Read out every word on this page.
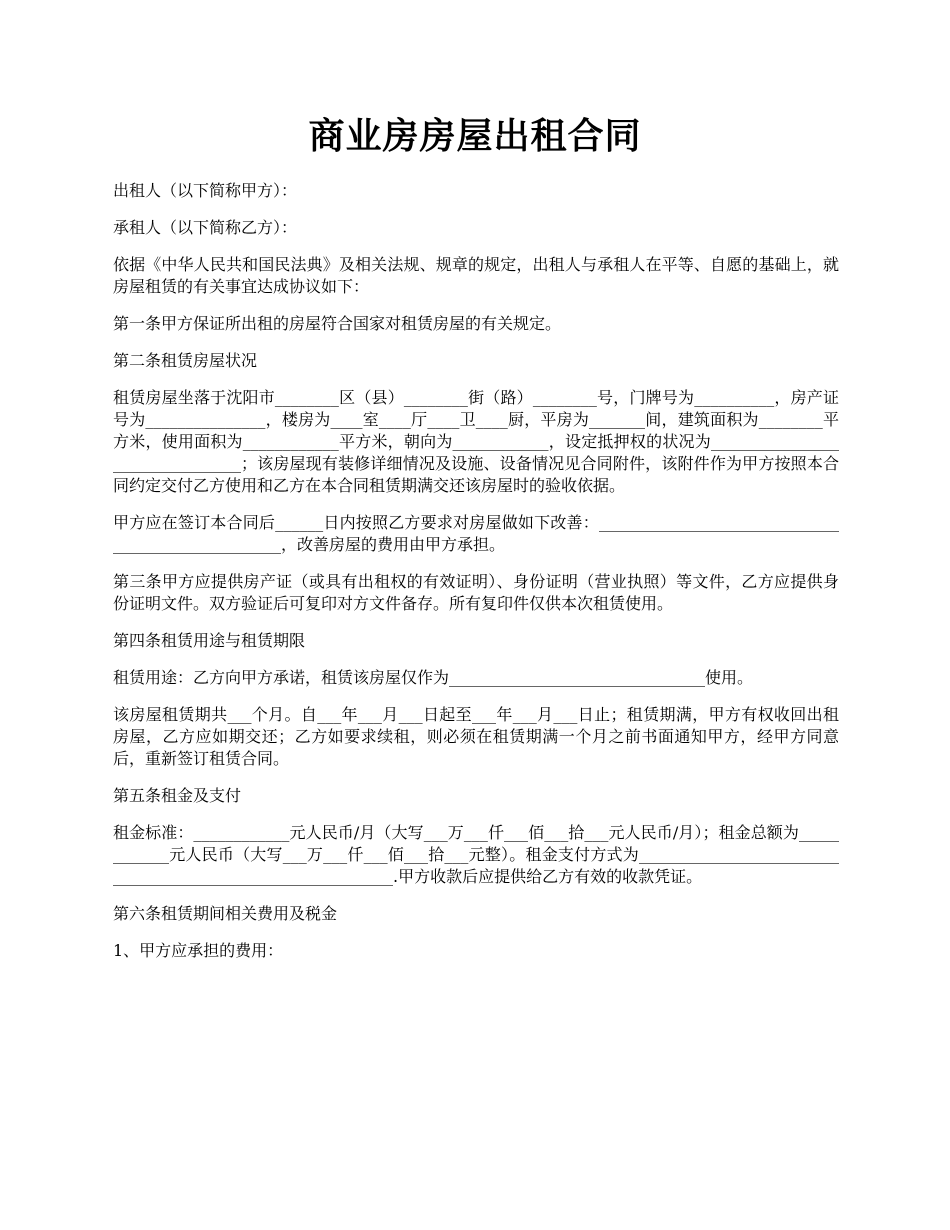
商业房房屋出租合同

出租人（以下简称甲方）：

承租人（以下简称乙方）：

依据《中华人民共和国民法典》及相关法规、规章的规定，出租人与承租人在平等、自愿的基础上，就房屋租赁的有关事宜达成协议如下：

第一条甲方保证所出租的房屋符合国家对租赁房屋的有关规定。

第二条租赁房屋状况

租赁房屋坐落于沈阳市________区（县）________街（路）________号，门牌号为__________，房产证号为_______________，楼房为____室____厅____卫____厨，平房为_______间，建筑面积为________平方米，使用面积为____________平方米，朝向为____________，设定抵押权的状况为________________________________；该房屋现有装修详细情况及设施、设备情况见合同附件，该附件作为甲方按照本合同约定交付乙方使用和乙方在本合同租赁期满交还该房屋时的验收依据。

甲方应在签订本合同后______日内按照乙方要求对房屋做如下改善：___________________________________________________，改善房屋的费用由甲方承担。

第三条甲方应提供房产证（或具有出租权的有效证明）、身份证明（营业执照）等文件，乙方应提供身份证明文件。双方验证后可复印对方文件备存。所有复印件仅供本次租赁使用。

第四条租赁用途与租赁期限

租赁用途：乙方向甲方承诺，租赁该房屋仅作为________________________________使用。

该房屋租赁期共___个月。自___年___月___日起至___年___月___日止；租赁期满，甲方有权收回出租房屋，乙方应如期交还；乙方如要求续租，则必须在租赁期满一个月之前书面通知甲方，经甲方同意后，重新签订租赁合同。

第五条租金及支付

租金标准：____________元人民币/月（大写___万___仟___佰___拾___元人民币/月）；租金总额为____________元人民币（大写___万___仟___佰___拾___元整）。租金支付方式为____________________________________________________________.甲方收款后应提供给乙方有效的收款凭证。

第六条租赁期间相关费用及税金

1、甲方应承担的费用：
